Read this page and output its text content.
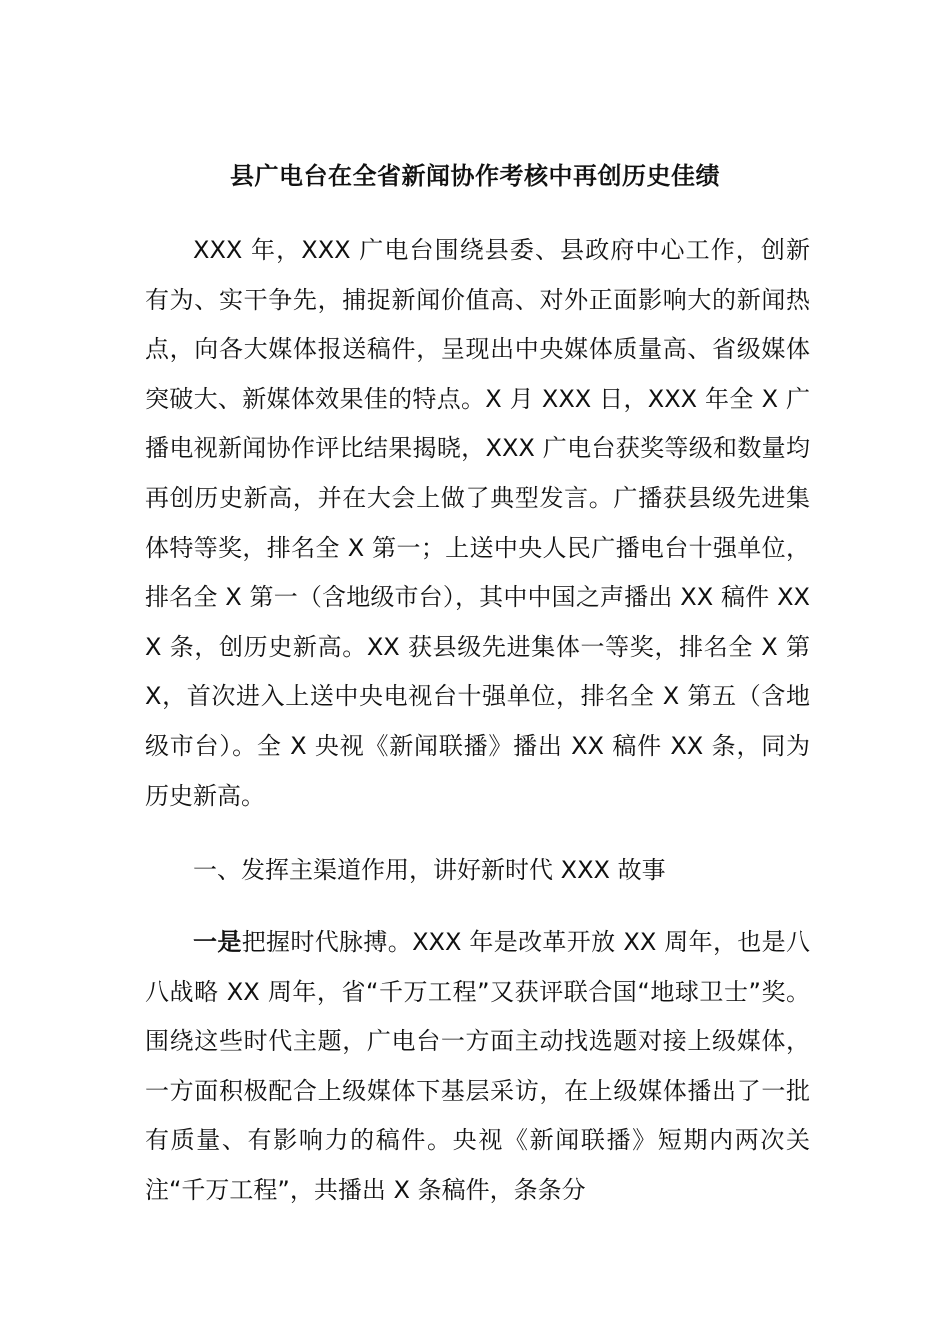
县广电台在全省新闻协作考核中再创历史佳绩

XXX 年，XXX 广电台围绕县委、县政府中心工作，创新有为、实干争先，捕捉新闻价值高、对外正面影响大的新闻热点，向各大媒体报送稿件，呈现出中央媒体质量高、省级媒体突破大、新媒体效果佳的特点。X 月 XXX 日，XXX 年全 X 广播电视新闻协作评比结果揭晓，XXX 广电台获奖等级和数量均再创历史新高，并在大会上做了典型发言。广播获县级先进集体特等奖，排名全 X 第一；上送中央人民广播电台十强单位，排名全 X 第一（含地级市台），其中中国之声播出 XX 稿件 XXX 条，创历史新高。XX 获县级先进集体一等奖，排名全 X 第 X，首次进入上送中央电视台十强单位，排名全 X 第五（含地级市台）。全 X 央视《新闻联播》播出 XX 稿件 XX 条，同为历史新高。

一、发挥主渠道作用，讲好新时代 XXX 故事

一是把握时代脉搏。XXX 年是改革开放 XX 周年，也是八八战略 XX 周年，省“千万工程”又获评联合国“地球卫士”奖。围绕这些时代主题，广电台一方面主动找选题对接上级媒体，一方面积极配合上级媒体下基层采访，在上级媒体播出了一批有质量、有影响力的稿件。央视《新闻联播》短期内两次关注“千万工程”，共播出 X 条稿件，条条分
